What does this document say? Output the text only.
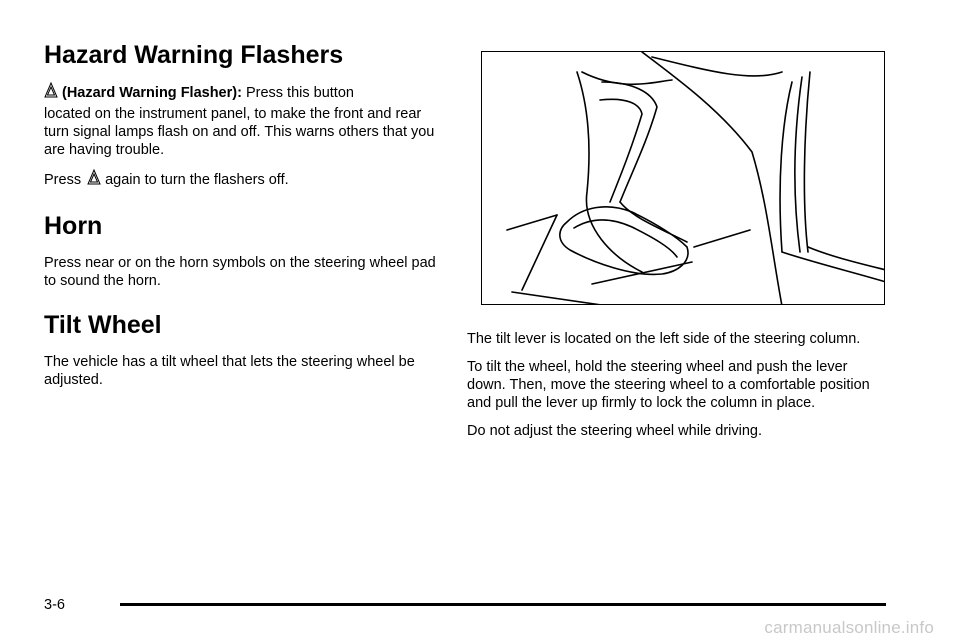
Hazard Warning Flashers

(Hazard Warning Flasher): Press this button

located on the instrument panel, to make the front and rear turn signal lamps flash on and off. This warns others that you are having trouble.

Press again to turn the flashers off.

Horn

Press near or on the horn symbols on the steering wheel pad to sound the horn.

Tilt Wheel

The vehicle has a tilt wheel that lets the steering wheel be adjusted.

The tilt lever is located on the left side of the steering column.

To tilt the wheel, hold the steering wheel and push the lever down. Then, move the steering wheel to a comfortable position and pull the lever up firmly to lock the column in place.

Do not adjust the steering wheel while driving.

3-6
carmanualsonline.info
